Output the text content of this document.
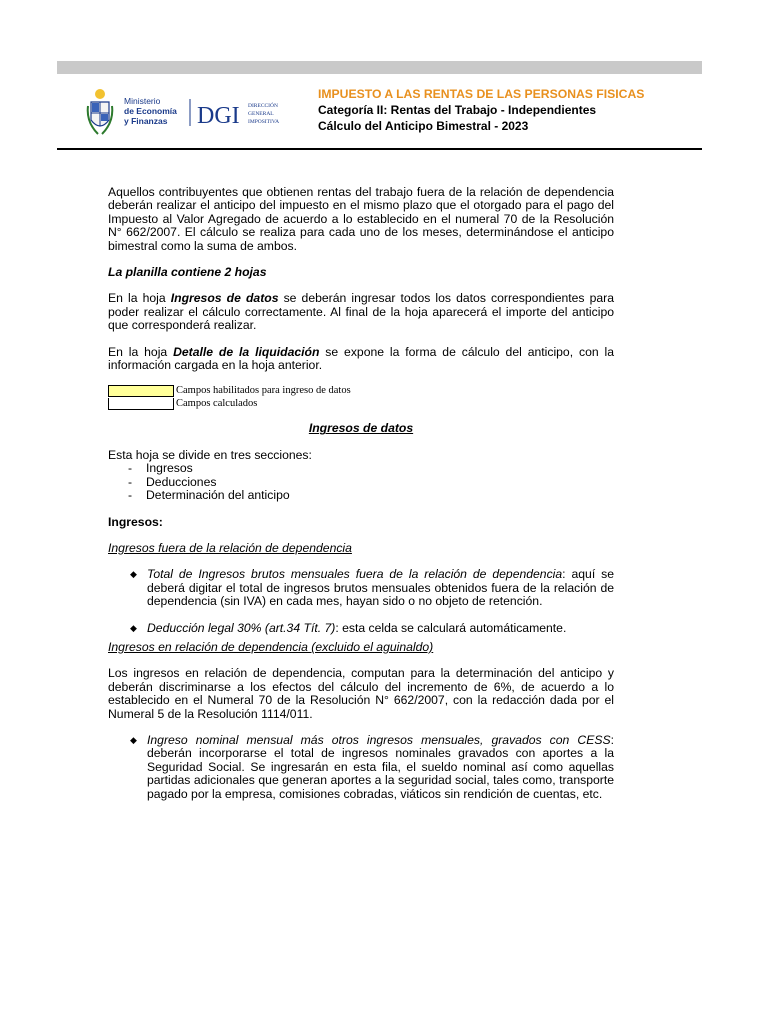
Ministerio
de Economía
y Finanzas DGI DIRECCIÓN
GENERAL
IMPOSITIVA
IMPUESTO A LAS RENTAS DE LAS PERSONAS FISICAS
Categoría II: Rentas del Trabajo - Independientes
Cálculo del Anticipo Bimestral - 2023

Aquellos contribuyentes que obtienen rentas del trabajo fuera de la relación de dependencia deberán realizar el anticipo del impuesto en el mismo plazo que el otorgado para el pago del Impuesto al Valor Agregado de acuerdo a lo establecido en el numeral 70 de la Resolución N° 662/2007. El cálculo se realiza para cada uno de los meses, determinándose el anticipo bimestral como la suma de ambos.

La planilla contiene 2 hojas

En la hoja Ingresos de datos se deberán ingresar todos los datos correspondientes para poder realizar el cálculo correctamente. Al final de la hoja aparecerá el importe del anticipo que corresponderá realizar.

En la hoja Detalle de la liquidación se expone la forma de cálculo del anticipo, con la información cargada en la hoja anterior.

Campos habilitados para ingreso de datos
Campos calculados

Ingresos de datos

Esta hoja se divide en tres secciones:

- Ingresos
- Deducciones
- Determinación del anticipo

Ingresos:

Ingresos fuera de la relación de dependencia

◆ Total de Ingresos brutos mensuales fuera de la relación de dependencia: aquí se deberá digitar el total de ingresos brutos mensuales obtenidos fuera de la relación de dependencia (sin IVA) en cada mes, hayan sido o no objeto de retención.
◆ Deducción legal 30% (art.34 Tít. 7): esta celda se calculará automáticamente.

Ingresos en relación de dependencia (excluido el aguinaldo)

Los ingresos en relación de dependencia, computan para la determinación del anticipo y deberán discriminarse a los efectos del cálculo del incremento de 6%, de acuerdo a lo establecido en el Numeral 70 de la Resolución N° 662/2007, con la redacción dada por el Numeral 5 de la Resolución 1114/011.

◆ Ingreso nominal mensual más otros ingresos mensuales, gravados con CESS: deberán incorporarse el total de ingresos nominales gravados con aportes a la Seguridad Social. Se ingresarán en esta fila, el sueldo nominal así como aquellas partidas adicionales que generan aportes a la seguridad social, tales como, transporte pagado por la empresa, comisiones cobradas, viáticos sin rendición de cuentas, etc.
